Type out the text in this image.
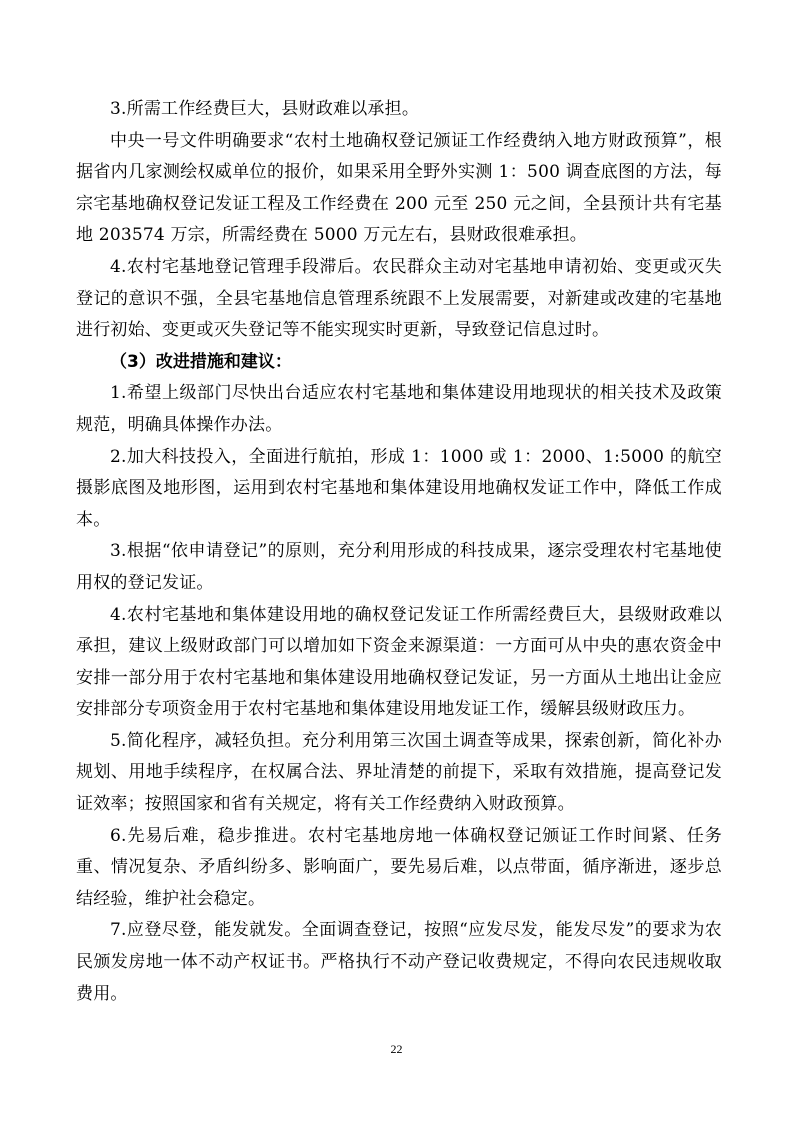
3.所需工作经费巨大，县财政难以承担。

中央一号文件明确要求“农村土地确权登记颁证工作经费纳入地方财政预算”，根据省内几家测绘权威单位的报价，如果采用全野外实测 1：500 调查底图的方法，每宗宅基地确权登记发证工程及工作经费在 200 元至 250 元之间，全县预计共有宅基地 203574 万宗，所需经费在 5000 万元左右，县财政很难承担。

4.农村宅基地登记管理手段滞后。农民群众主动对宅基地申请初始、变更或灭失登记的意识不强，全县宅基地信息管理系统跟不上发展需要，对新建或改建的宅基地进行初始、变更或灭失登记等不能实现实时更新，导致登记信息过时。

（3）改进措施和建议：

1.希望上级部门尽快出台适应农村宅基地和集体建设用地现状的相关技术及政策规范，明确具体操作办法。

2.加大科技投入，全面进行航拍，形成 1：1000 或 1：2000、1:5000 的航空摄影底图及地形图，运用到农村宅基地和集体建设用地确权发证工作中，降低工作成本。

3.根据“依申请登记”的原则，充分利用形成的科技成果，逐宗受理农村宅基地使用权的登记发证。

4.农村宅基地和集体建设用地的确权登记发证工作所需经费巨大，县级财政难以承担，建议上级财政部门可以增加如下资金来源渠道：一方面可从中央的惠农资金中安排一部分用于农村宅基地和集体建设用地确权登记发证，另一方面从土地出让金应安排部分专项资金用于农村宅基地和集体建设用地发证工作，缓解县级财政压力。

5.简化程序，减轻负担。充分利用第三次国土调查等成果，探索创新，简化补办规划、用地手续程序，在权属合法、界址清楚的前提下，采取有效措施，提高登记发证效率；按照国家和省有关规定，将有关工作经费纳入财政预算。

6.先易后难，稳步推进。农村宅基地房地一体确权登记颁证工作时间紧、任务重、情况复杂、矛盾纠纷多、影响面广，要先易后难，以点带面，循序渐进，逐步总结经验，维护社会稳定。

7.应登尽登，能发就发。全面调查登记，按照“应发尽发，能发尽发”的要求为农民颁发房地一体不动产权证书。严格执行不动产登记收费规定，不得向农民违规收取费用。

22
